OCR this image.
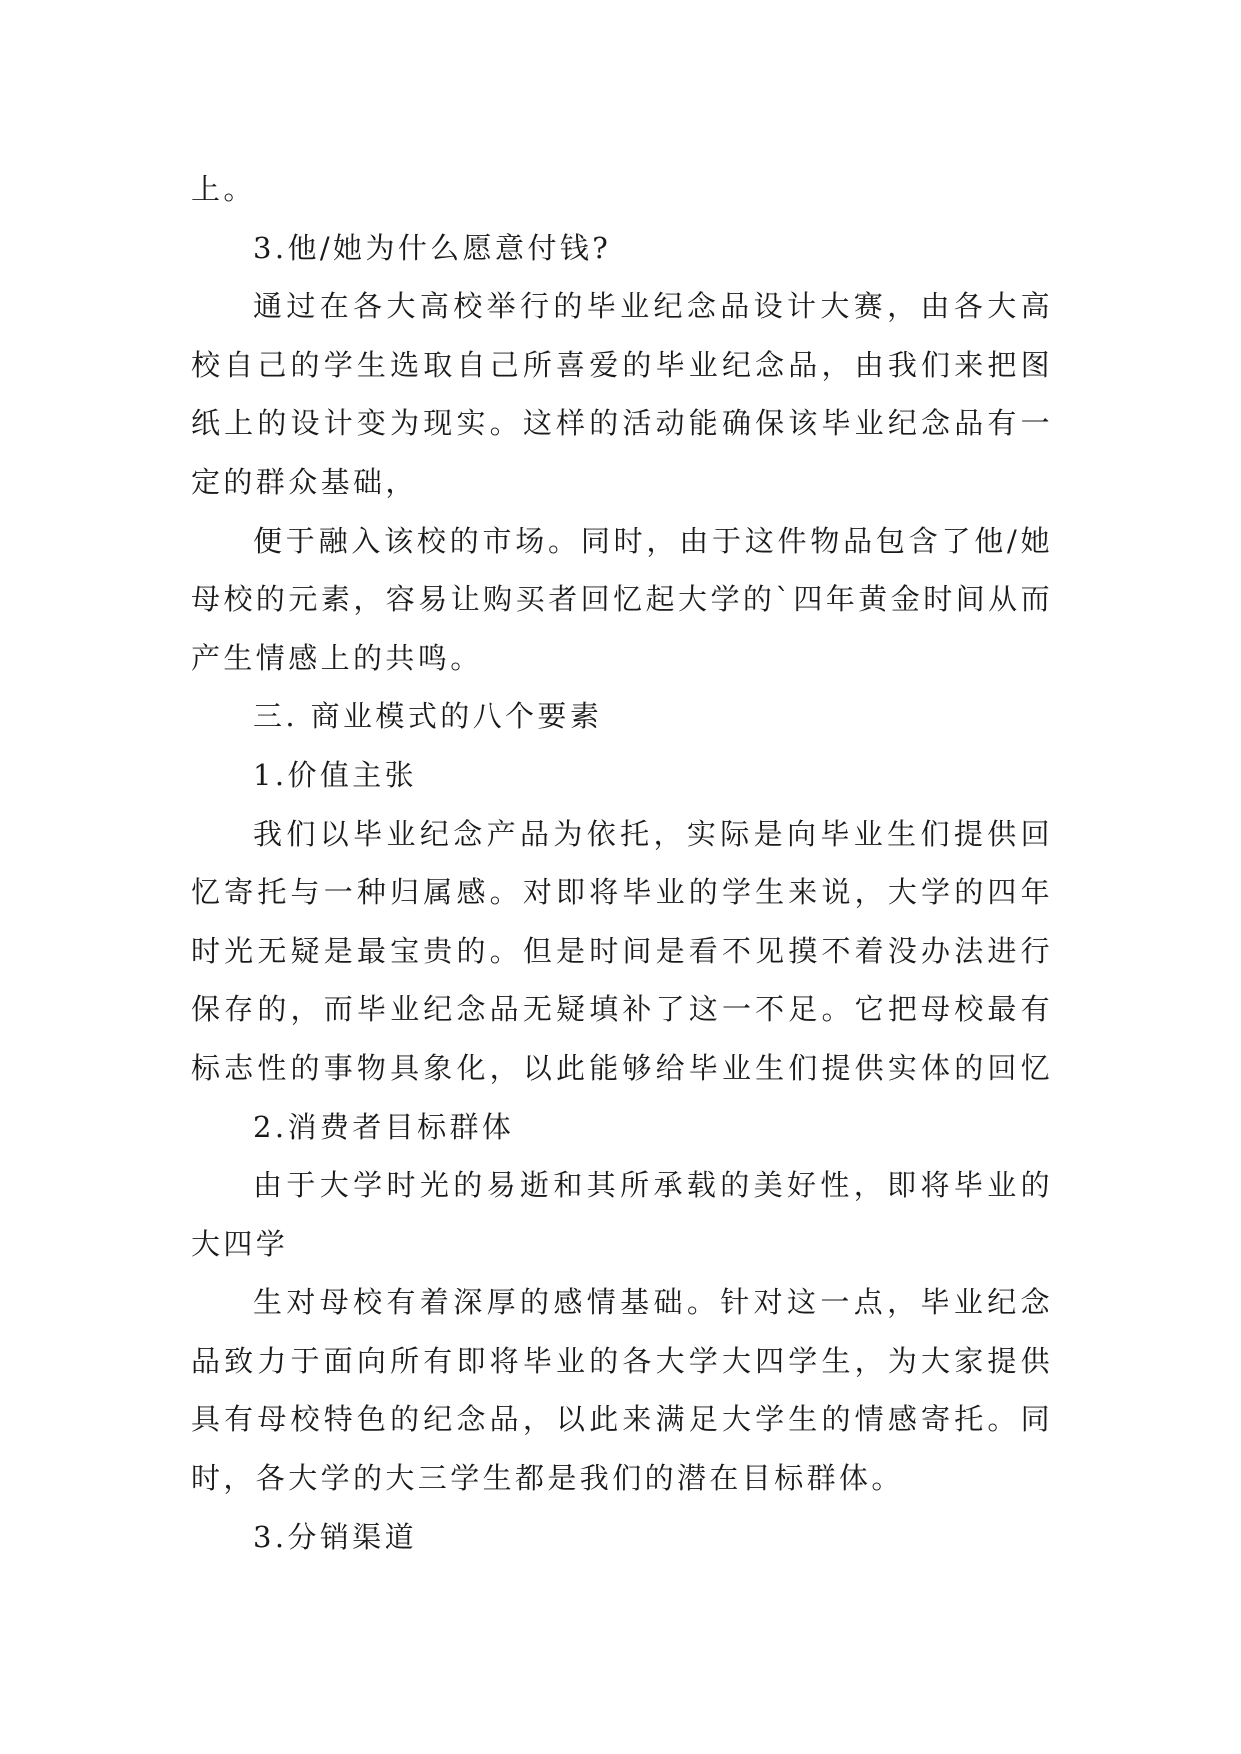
上。

3.他/她为什么愿意付钱?

通过在各大高校举行的毕业纪念品设计大赛，由各大高校自己的学生选取自己所喜爱的毕业纪念品，由我们来把图纸上的设计变为现实。这样的活动能确保该毕业纪念品有一定的群众基础，

便于融入该校的市场。同时，由于这件物品包含了他/她母校的元素，容易让购买者回忆起大学的`四年黄金时间从而产生情感上的共鸣。

三. 商业模式的八个要素

1.价值主张

我们以毕业纪念产品为依托，实际是向毕业生们提供回忆寄托与一种归属感。对即将毕业的学生来说，大学的四年时光无疑是最宝贵的。但是时间是看不见摸不着没办法进行保存的，而毕业纪念品无疑填补了这一不足。它把母校最有标志性的事物具象化，以此能够给毕业生们提供实体的回忆

2.消费者目标群体

由于大学时光的易逝和其所承载的美好性，即将毕业的大四学

生对母校有着深厚的感情基础。针对这一点，毕业纪念品致力于面向所有即将毕业的各大学大四学生，为大家提供具有母校特色的纪念品，以此来满足大学生的情感寄托。同时，各大学的大三学生都是我们的潜在目标群体。

3.分销渠道
